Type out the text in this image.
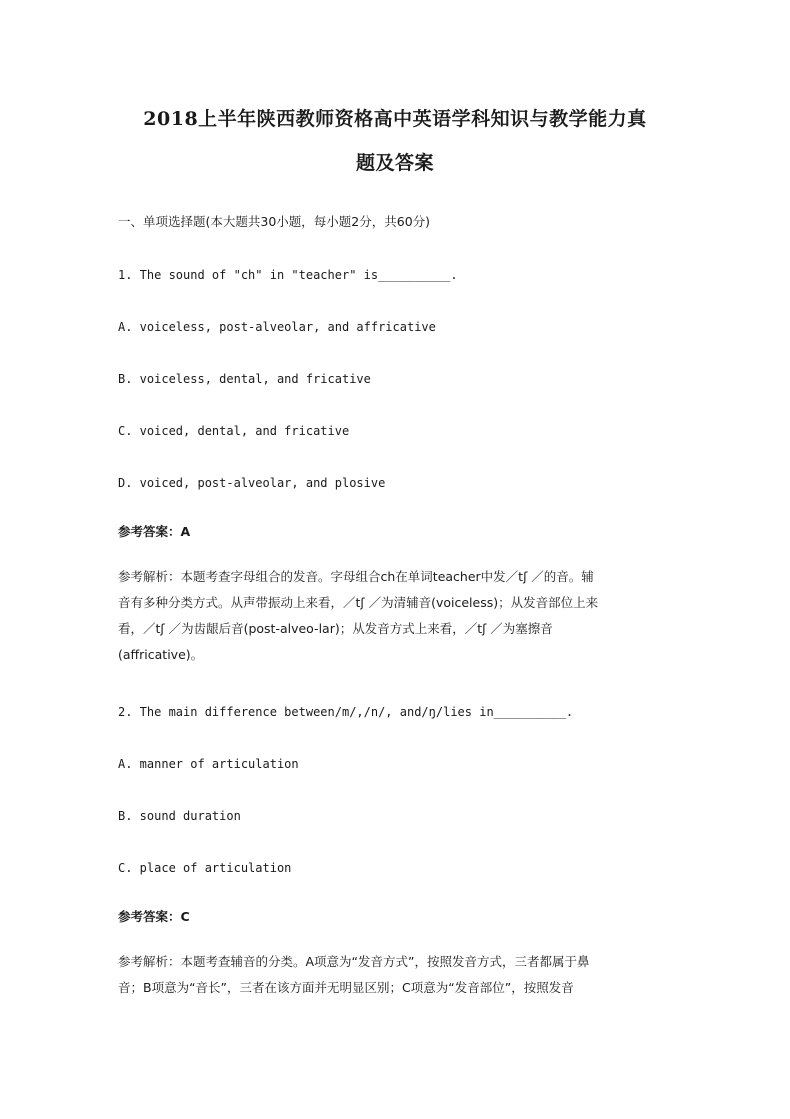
2018上半年陕西教师资格高中英语学科知识与教学能力真
题及答案
一、单项选择题(本大题共30小题，每小题2分，共60分)
1. The sound of "ch" in "teacher" is__________.
A. voiceless, post-alveolar, and affricative
B. voiceless, dental, and fricative
C. voiced, dental, and fricative
D. voiced, post-alveolar, and plosive
参考答案：A
参考解析：本题考查字母组合的发音。字母组合ch在单词teacher中发／tʃ ／的音。辅
音有多种分类方式。从声带振动上来看，／tʃ ／为清辅音(voiceless)；从发音部位上来
看，／tʃ ／为齿龈后音(post-alveo-lar)；从发音方式上来看，／tʃ ／为塞擦音
(affricative)。
2. The main difference between/m/,/n/, and/ŋ/lies in__________.
A. manner of articulation
B. sound duration
C. place of articulation
参考答案：C
参考解析：本题考查辅音的分类。A项意为“发音方式”，按照发音方式，三者都属于鼻
音；B项意为“音长”，三者在该方面并无明显区别；C项意为“发音部位”，按照发音
